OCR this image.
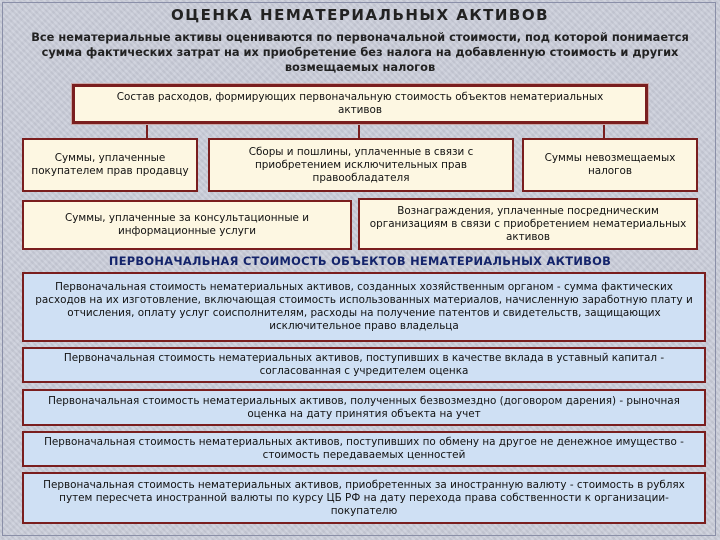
ОЦЕНКА НЕМАТЕРИАЛЬНЫХ АКТИВОВ
Все нематериальные активы оцениваются по первоначальной стоимости, под которой понимается сумма фактических затрат на их приобретение без налога на добавленную стоимость и других возмещаемых налогов
Состав расходов, формирующих первоначальную стоимость объектов нематериальных активов
Суммы, уплаченные покупателем прав продавцу
Сборы и пошлины, уплаченные в связи с приобретением исключительных прав правообладателя
Суммы невозмещаемых налогов
Суммы, уплаченные за консультационные и информационные услуги
Вознаграждения, уплаченные посредническим организациям в связи с приобретением нематериальных активов
ПЕРВОНАЧАЛЬНАЯ СТОИМОСТЬ ОБЪЕКТОВ НЕМАТЕРИАЛЬНЫХ АКТИВОВ
Первоначальная стоимость нематериальных активов, созданных хозяйственным органом - сумма фактических расходов на их изготовление, включающая стоимость использованных материалов, начисленную заработную плату и отчисления, оплату услуг соисполнителям, расходы на получение патентов и свидетельств, защищающих исключительное право владельца
Первоначальная стоимость нематериальных активов, поступивших в качестве вклада в уставный капитал - согласованная с учредителем оценка
Первоначальная стоимость нематериальных активов, полученных безвозмездно (договором дарения) - рыночная оценка на дату принятия объекта на учет
Первоначальная стоимость нематериальных активов, поступивших по обмену на другое не денежное имущество - стоимость передаваемых ценностей
Первоначальная стоимость нематериальных активов, приобретенных за иностранную валюту - стоимость в рублях путем пересчета иностранной валюты по курсу ЦБ РФ на дату перехода права собственности к организации-покупателю
